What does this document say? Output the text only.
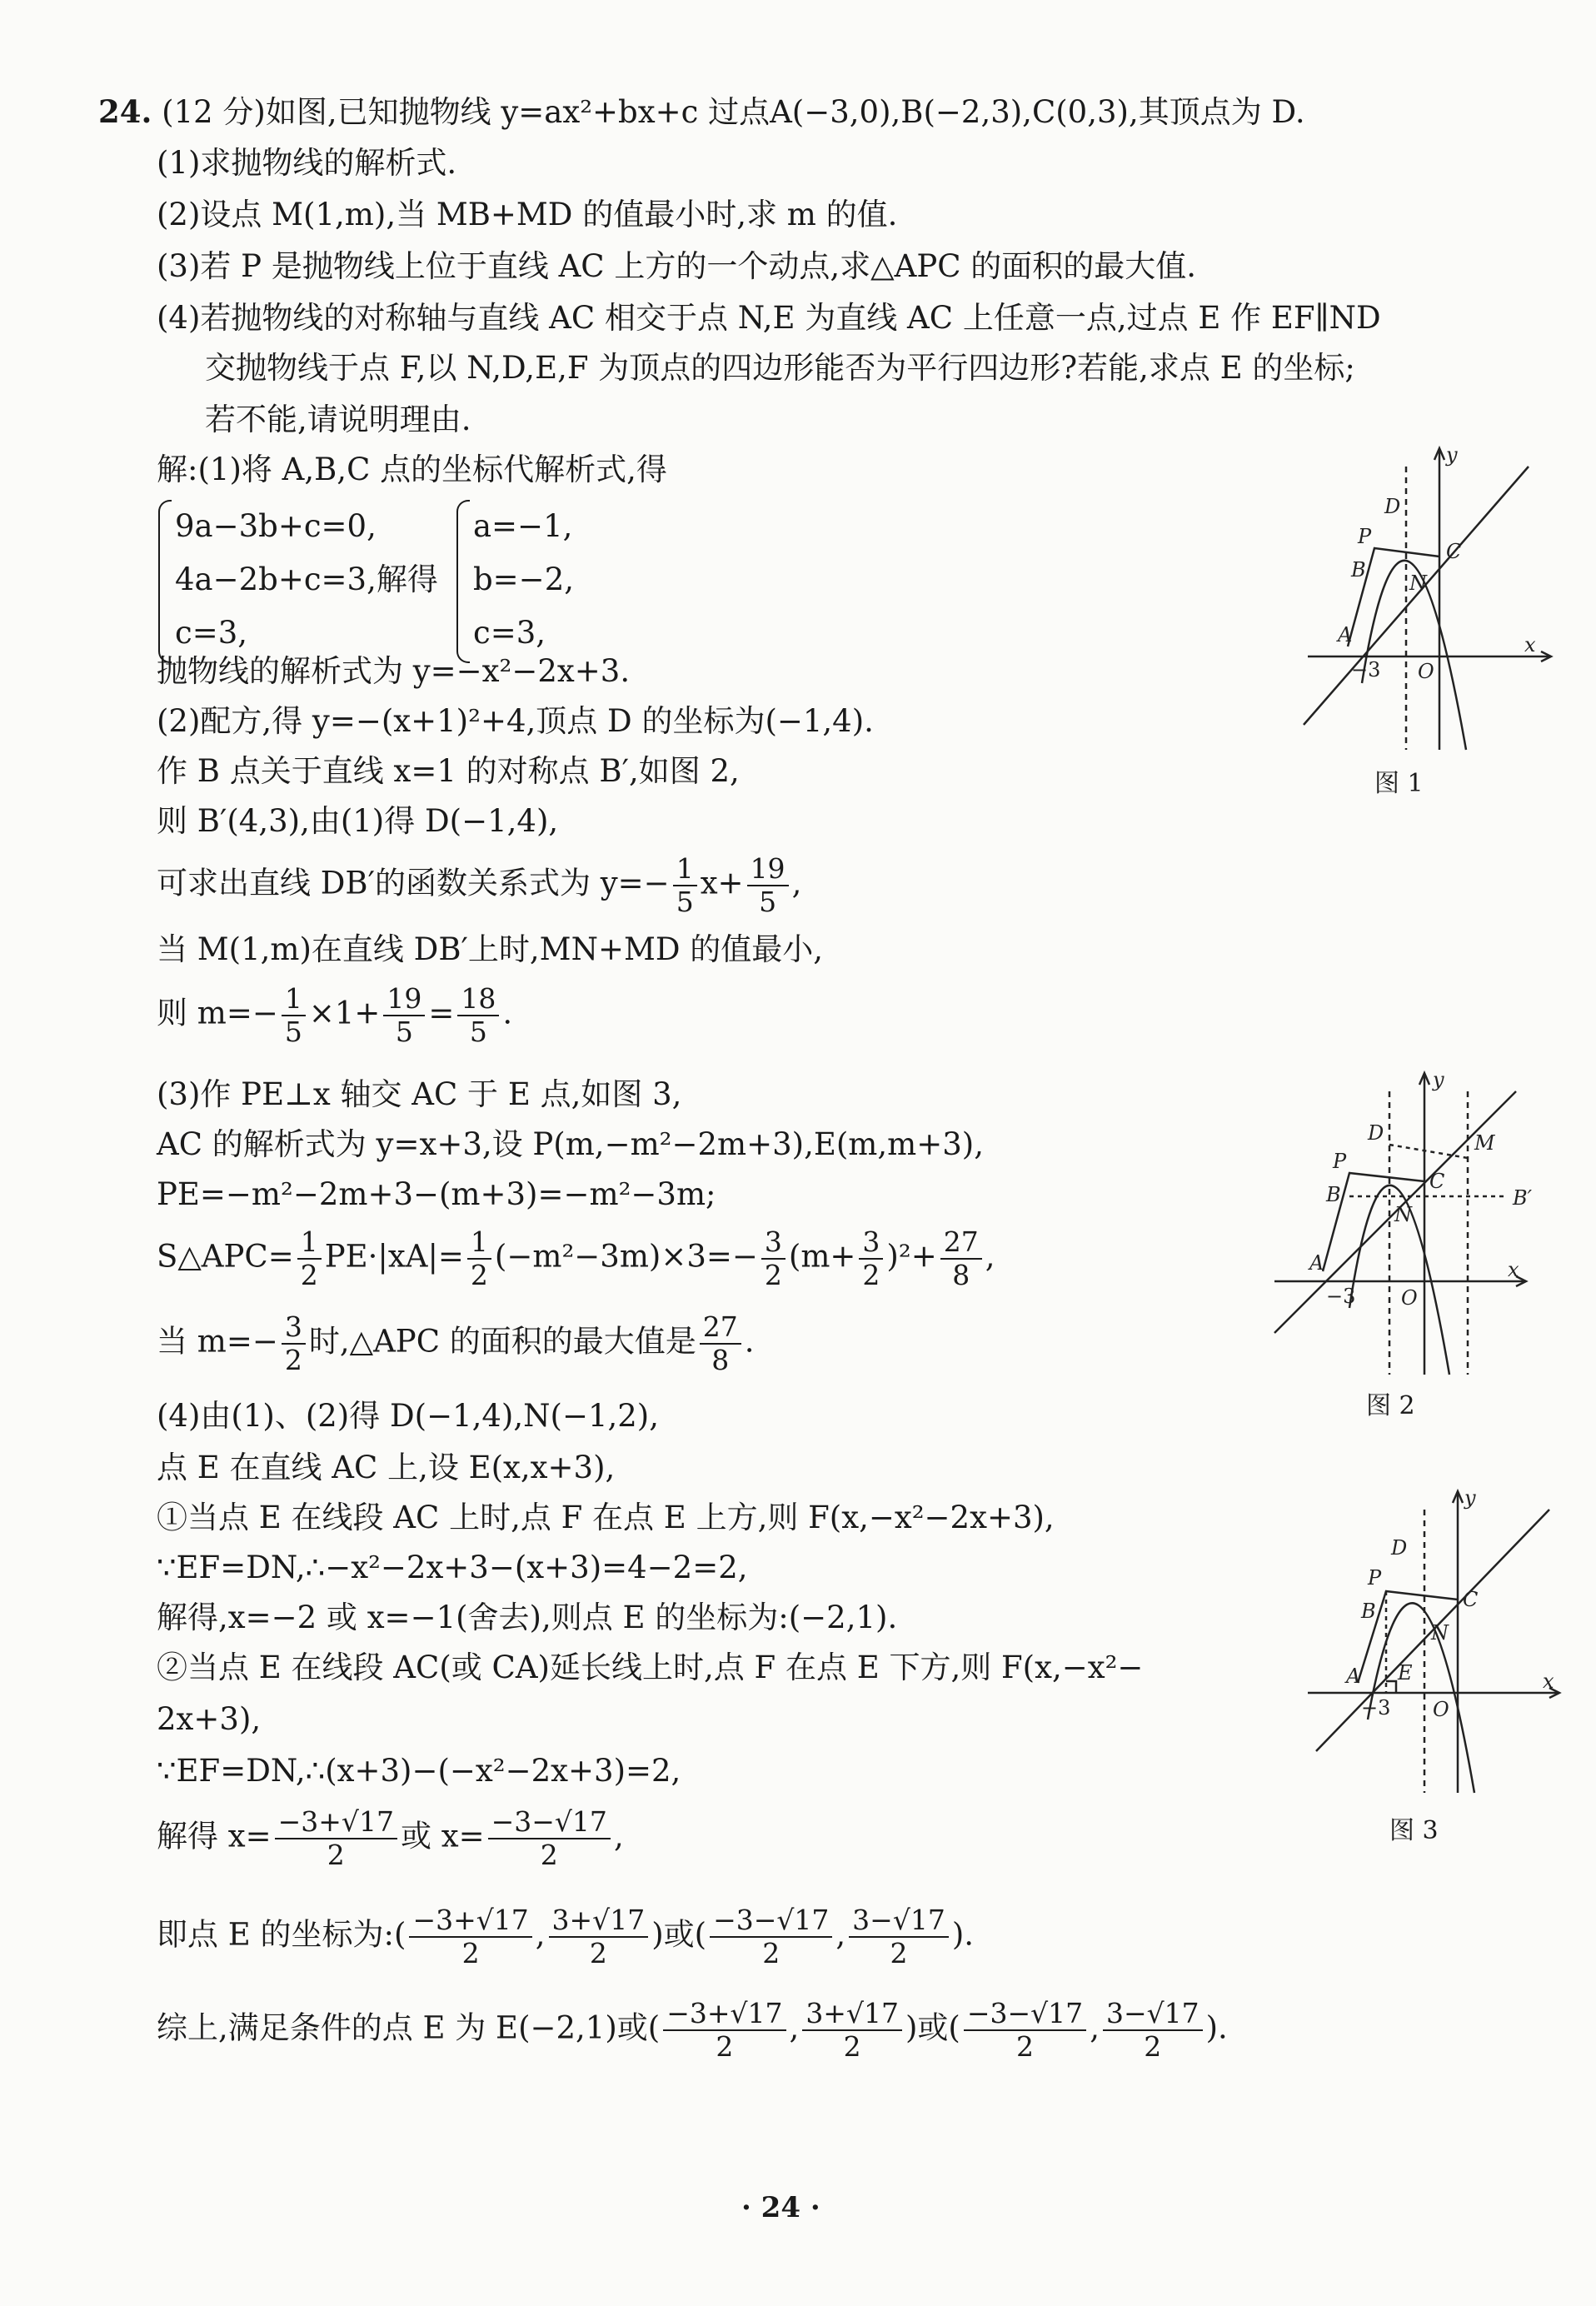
24. (12 分)如图,已知抛物线 y=ax²+bx+c 过点A(−3,0),B(−2,3),C(0,3),其顶点为 D.
(1)求抛物线的解析式.
(2)设点 M(1,m),当 MB+MD 的值最小时,求 m 的值.
(3)若 P 是抛物线上位于直线 AC 上方的一个动点,求△APC 的面积的最大值.
(4)若抛物线的对称轴与直线 AC 相交于点 N,E 为直线 AC 上任意一点,过点 E 作 EF∥ND
交抛物线于点 F,以 N,D,E,F 为顶点的四边形能否为平行四边形?若能,求点 E 的坐标;
若不能,请说明理由.
解:(1)将 A,B,C 点的坐标代解析式,得
9a−3b+c=0,
4a−2b+c=3,解得
c=3,
a=−1,
b=−2,
c=3,
抛物线的解析式为 y=−x²−2x+3.
(2)配方,得 y=−(x+1)²+4,顶点 D 的坐标为(−1,4).
作 B 点关于直线 x=1 的对称点 B′,如图 2,
则 B′(4,3),由(1)得 D(−1,4),
可求出直线 DB′的函数关系式为 $y=- \frac{1}{5} x+ \frac{19}{5}$ ,
当 M(1,m)在直线 DB′上时,MN+MD 的值最小,
则 $m=- \frac{1}{5} \times 1+ \frac{19}{5} = \frac{18}{5}$ .
(3)作 PE⊥x 轴交 AC 于 E 点,如图 3,
AC 的解析式为 y=x+3,设 P(m,−m²−2m+3),E(m,m+3),
PE=−m²−2m+3−(m+3)=−m²−3m;
S△APC= $\frac{1}{2} PE\cdot|xA|= \frac{1}{2} (-m^2-3m)\times 3=- \frac{3}{2} (m+ \frac{3}{2} )^2+ \frac{27}{8}$ ,
当 $m=- \frac{3}{2}$ 时,△APC 的面积的最大值是 $\frac{27}{8}$ .
(4)由(1)、(2)得 D(−1,4),N(−1,2),
点 E 在直线 AC 上,设 E(x,x+3),
①当点 E 在线段 AC 上时,点 F 在点 E 上方,则 F(x,−x²−2x+3),
∵EF=DN,∴−x²−2x+3−(x+3)=4−2=2,
解得,x=−2 或 x=−1(舍去),则点 E 的坐标为:(−2,1).
②当点 E 在线段 AC(或 CA)延长线上时,点 F 在点 E 下方,则 F(x,−x²−
2x+3),
∵EF=DN,∴(x+3)−(−x²−2x+3)=2,
解得 $x= \frac{-3+√17}{2}$ 或 $x= \frac{-3-√17}{2}$ ,
即点 E 的坐标为:( $\frac{-3+√17}{2}$ , $\frac{3+√17}{2}$ )或( $\frac{-3-√17}{2}$ , $\frac{3-√17}{2}$ ).
综上,满足条件的点 E 为 E(−2,1)或( $\frac{-3+√17}{2}$ , $\frac{3+√17}{2}$ )或( $\frac{-3-√17}{2}$ , $\frac{3-√17}{2}$ ).
y
x
D
P
B
C
N
A
−3 O
图 1
y
x
D
P
B
C
N
A
−3 O
M
B′
图 2
y
x
D
P
B	C
N
A E
−3 O
图 3
· 24 ·
